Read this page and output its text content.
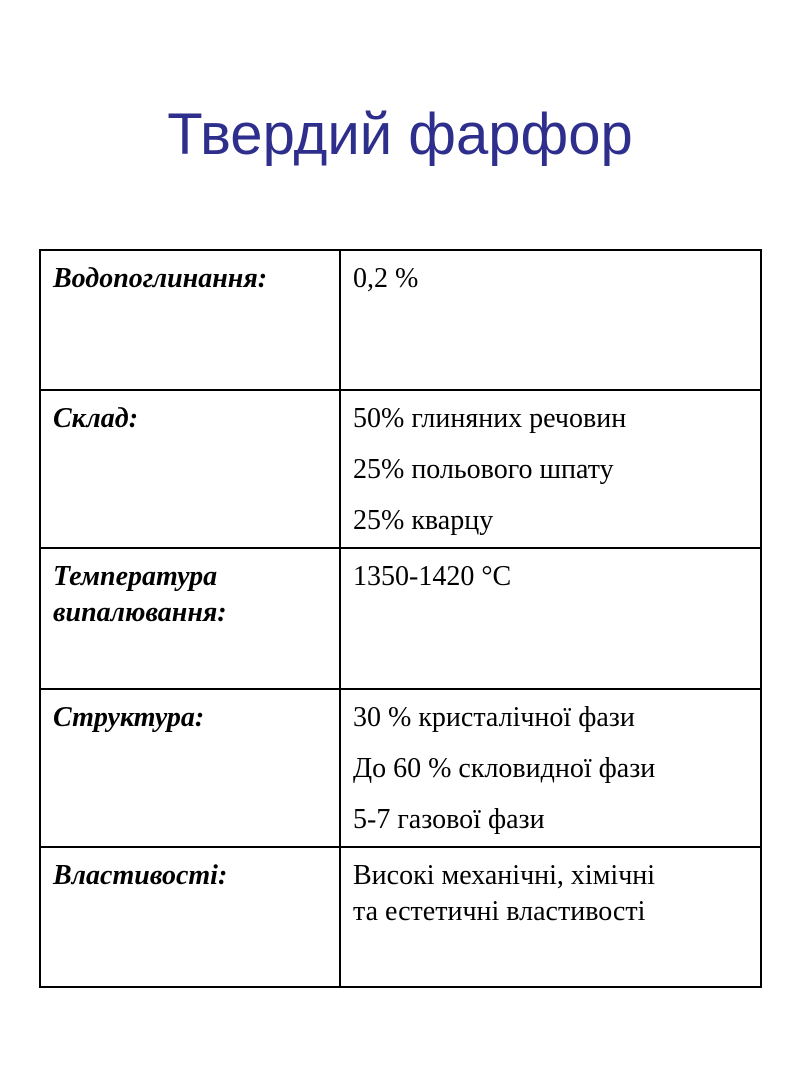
Твердий фарфор
Водопоглинання:	0,2 %

Склад:	50% глиняних речовин
25% польового шпату
25% кварцу

Температура випалювання:	1350-1420 °C

Структура:	30 % кристалічної фази
До 60 % скловидної фази
5-7 газової фази

Властивості:	Високі механічні, хімічні
та естетичні властивості
